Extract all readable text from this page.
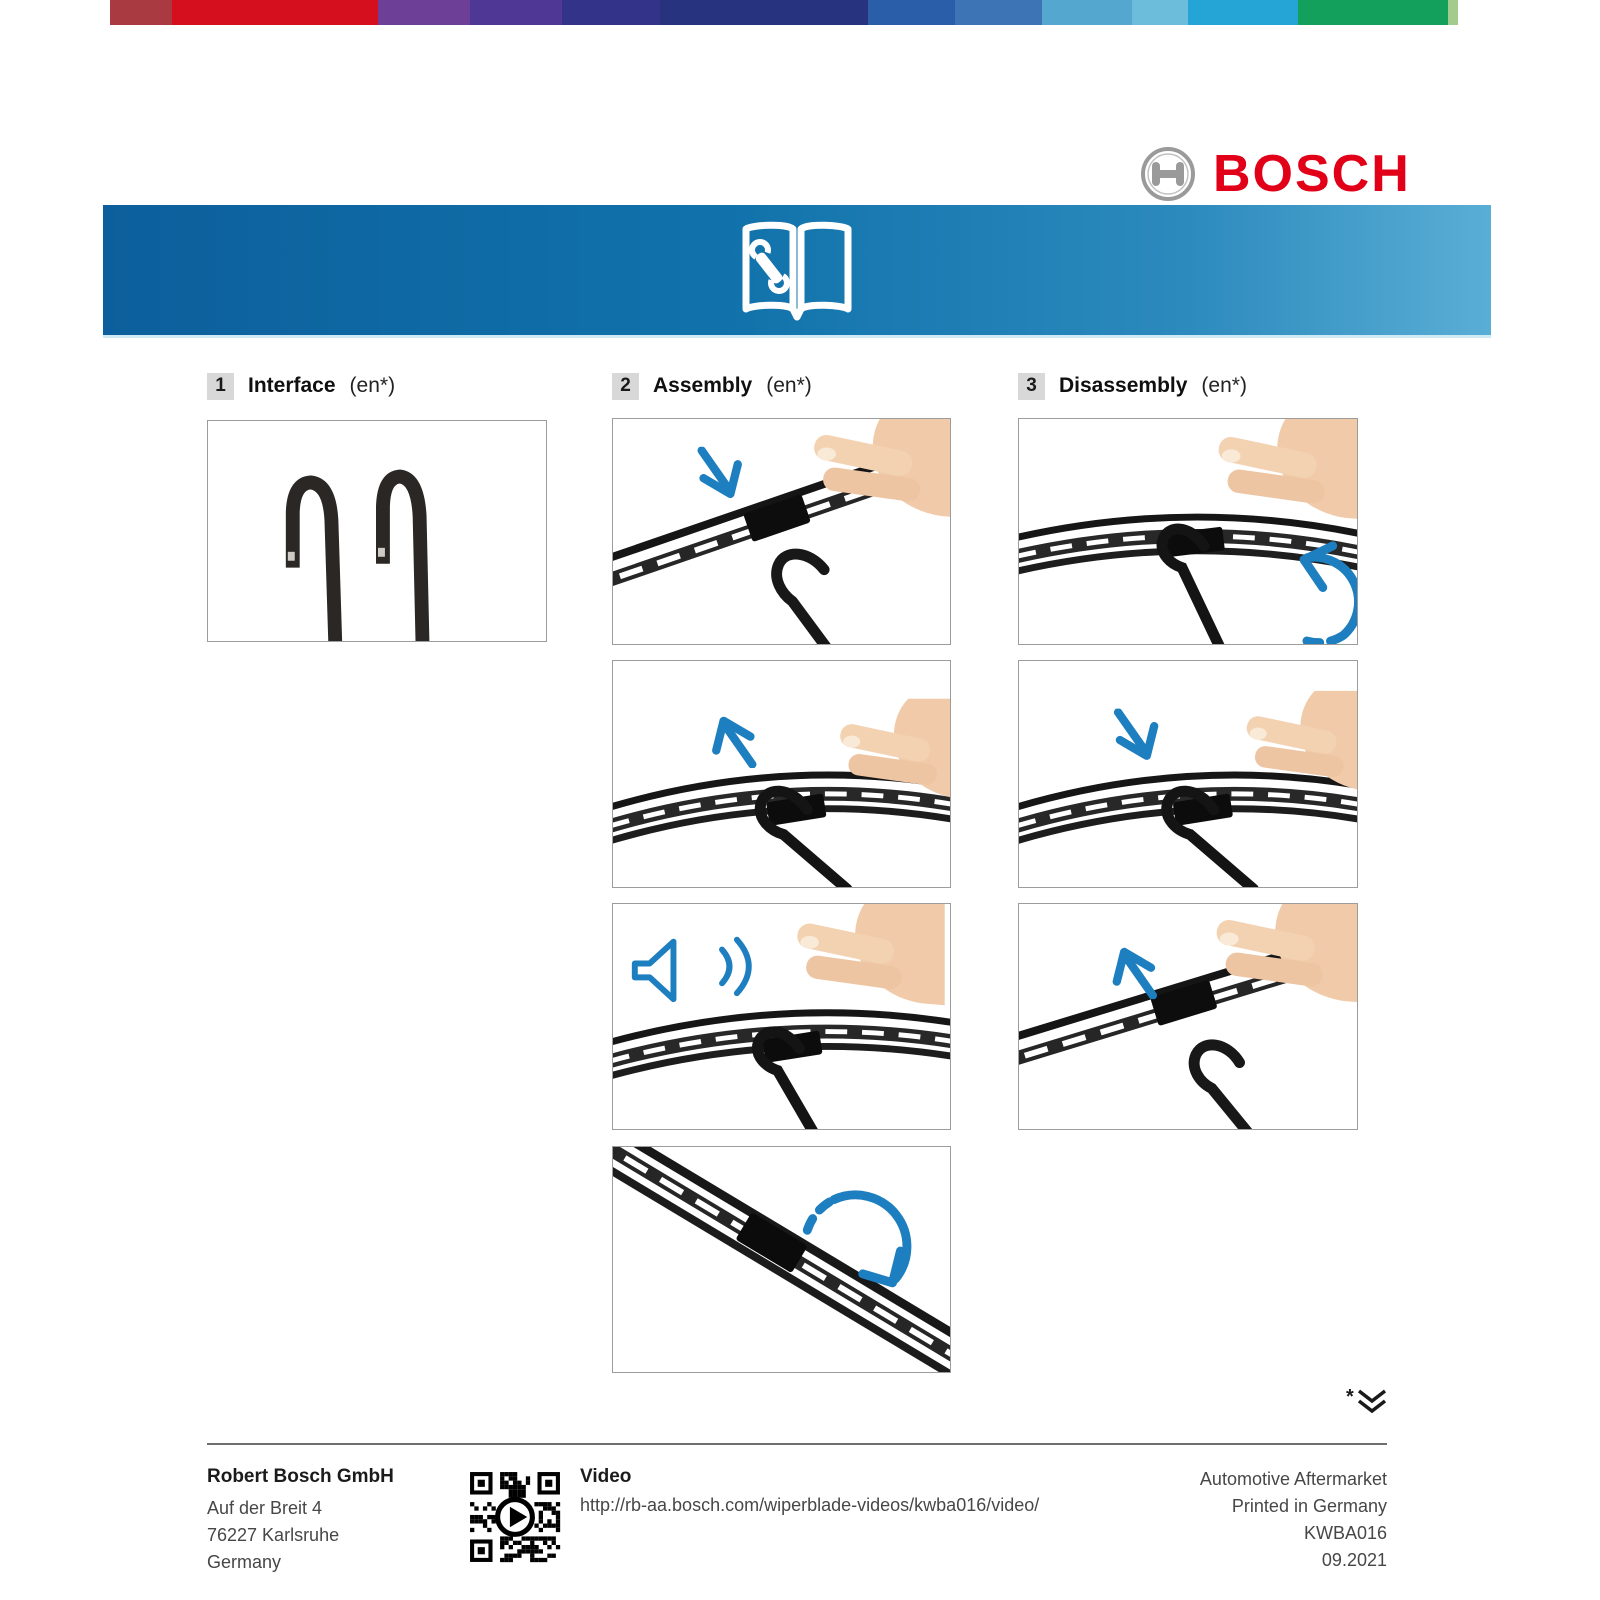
BOSCH
1	Interface (en*)	2	Assembly (en*)	3	Disassembly (en*)
*
Robert Bosch GmbH
Auf der Breit 4
76227 Karlsruhe
Germany
Video
http://rb-aa.bosch.com/wiperblade-videos/kwba016/video/
Automotive Aftermarket
Printed in Germany
KWBA016
09.2021
